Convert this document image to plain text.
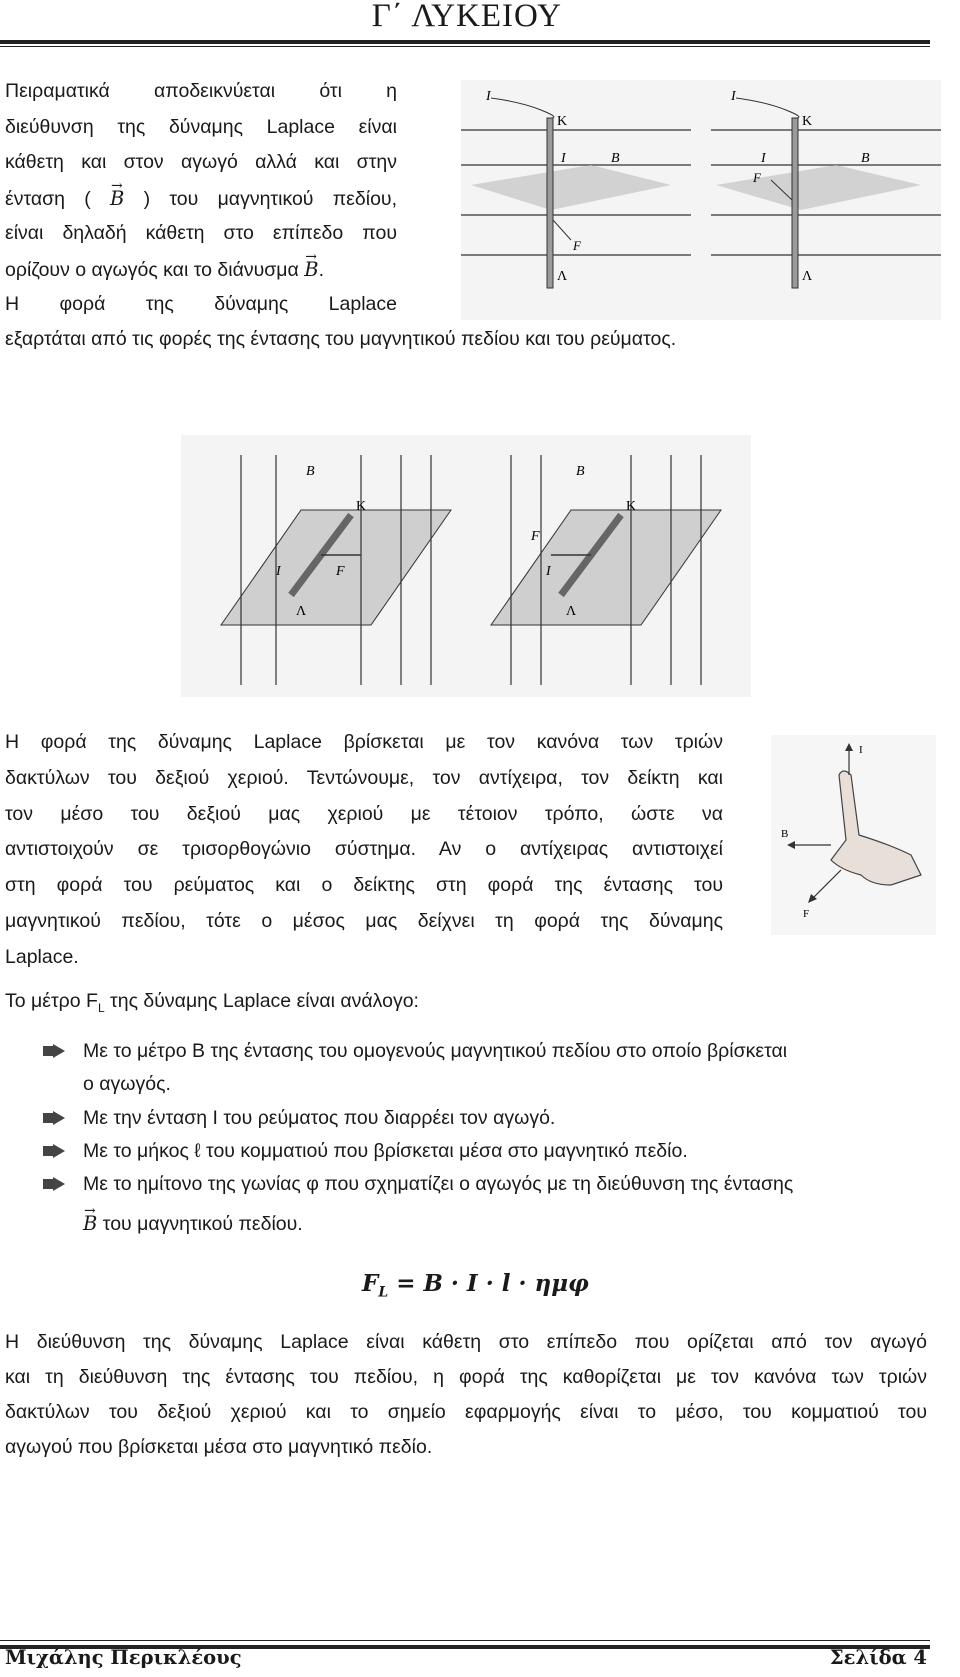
Γ΄ ΛΥΚΕΙΟΥ
Πειραματικά αποδεικνύεται ότι η
διεύθυνση της δύναμης Laplace είναι
κάθετη και στον αγωγό αλλά και στην
ένταση ( → B ) του μαγνητικού πεδίου,
είναι δηλαδή κάθετη στο επίπεδο που
ορίζουν ο αγωγός και το διάνυσμα → B.
Η φορά της δύναμης Laplace
εξαρτάται από τις φορές της έντασης του μαγνητικού πεδίου και του ρεύματος.
I	I
K	K
Λ	Λ
I	I
B	B
F
F
B	B
K	K
I	I
Λ	Λ
F
F
Η φορά της δύναμης Laplace βρίσκεται με τον κανόνα των τριών
δακτύλων του δεξιού χεριού. Τεντώνουμε, τον αντίχειρα, τον δείκτη και
τον μέσο του δεξιού μας χεριού με τέτοιον τρόπο, ώστε να
αντιστοιχούν σε τρισορθογώνιο σύστημα. Αν ο αντίχειρας αντιστοιχεί
στη φορά του ρεύματος και ο δείκτης στη φορά της έντασης του
μαγνητικού πεδίου, τότε ο μέσος μας δείχνει τη φορά της δύναμης
Laplace.
I
B
F
Το μέτρο $F_L$ της δύναμης Laplace είναι ανάλογο:
Με το μέτρο Β της έντασης του ομογενούς μαγνητικού πεδίου στο οποίο βρίσκεται
ο αγωγός.
Με την ένταση Ι του ρεύματος που διαρρέει τον αγωγό.
Με το μήκος ℓ του κομματιού που βρίσκεται μέσα στο μαγνητικό πεδίο.
Με το ημίτονο της γωνίας φ που σχηματίζει ο αγωγός με τη διεύθυνση της έντασης
→ B του μαγνητικού πεδίου.
$F_L = B \cdot I \cdot l \cdot \eta\mu\varphi$
Η διεύθυνση της δύναμης Laplace είναι κάθετη στο επίπεδο που ορίζεται από τον αγωγό
και τη διεύθυνση της έντασης του πεδίου, η φορά της καθορίζεται με τον κανόνα των τριών
δακτύλων του δεξιού χεριού και το σημείο εφαρμογής είναι το μέσο, του κομματιού του
αγωγού που βρίσκεται μέσα στο μαγνητικό πεδίο.
Μιχάλης Περικλέους	Σελίδα 4
